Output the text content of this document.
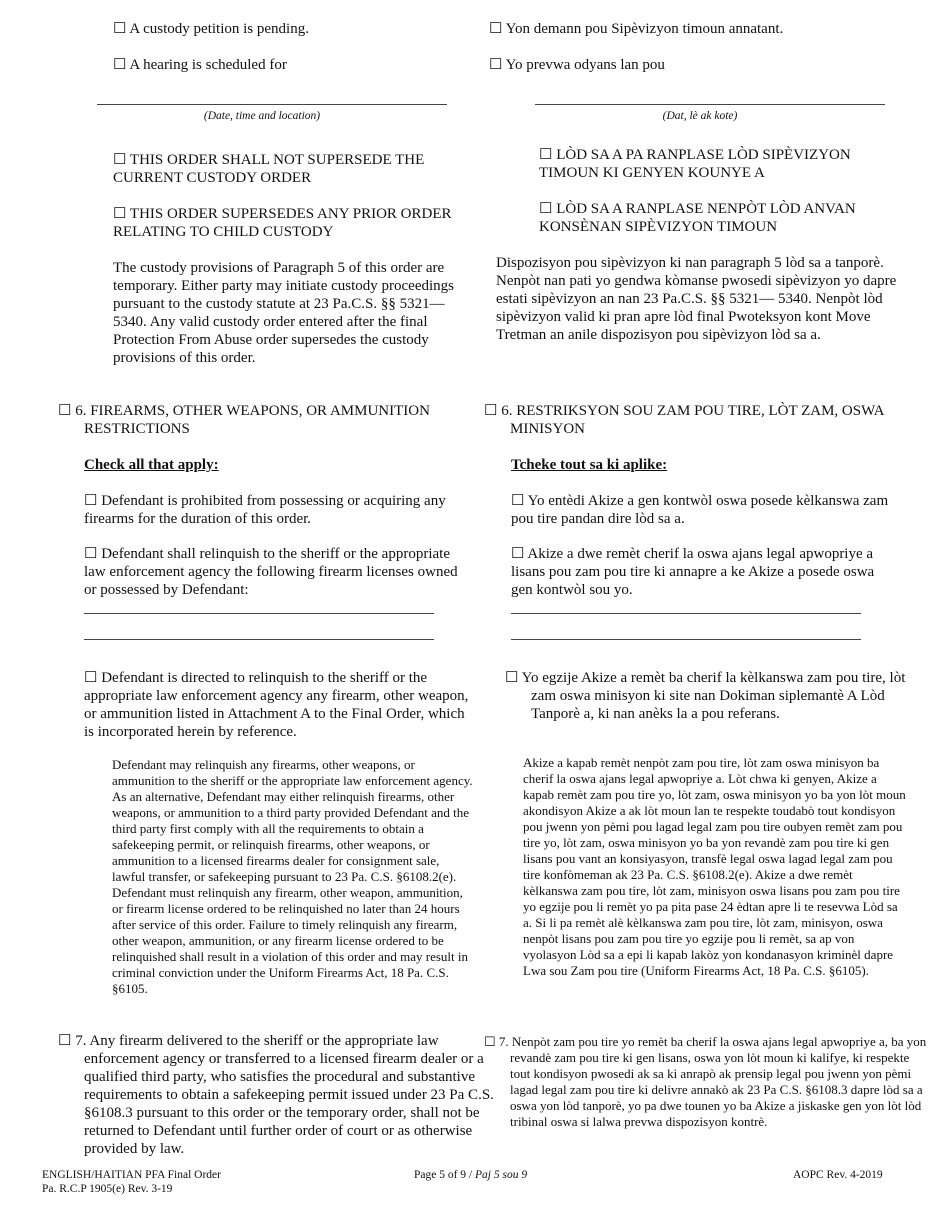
☐ A custody petition is pending.
☐ A hearing is scheduled for
(Date, time and location)
☐ THIS ORDER SHALL NOT SUPERSEDE THE CURRENT CUSTODY ORDER
☐ THIS ORDER SUPERSEDES ANY PRIOR ORDER RELATING TO CHILD CUSTODY
The custody provisions of Paragraph 5 of this order are temporary. Either party may initiate custody proceedings pursuant to the custody statute at 23 Pa.C.S. §§ 5321—5340. Any valid custody order entered after the final Protection From Abuse order supersedes the custody provisions of this order.
☐ 6. FIREARMS, OTHER WEAPONS, OR AMMUNITION RESTRICTIONS
Check all that apply:
☐ Defendant is prohibited from possessing or acquiring any firearms for the duration of this order.
☐ Defendant shall relinquish to the sheriff or the appropriate law enforcement agency the following firearm licenses owned or possessed by Defendant:
☐ Defendant is directed to relinquish to the sheriff or the appropriate law enforcement agency any firearm, other weapon, or ammunition listed in Attachment A to the Final Order, which is incorporated herein by reference.
Defendant may relinquish any firearms, other weapons, or ammunition to the sheriff or the appropriate law enforcement agency. As an alternative, Defendant may either relinquish firearms, other weapons, or ammunition to a third party provided Defendant and the third party first comply with all the requirements to obtain a safekeeping permit, or relinquish firearms, other weapons, or ammunition to a licensed firearms dealer for consignment sale, lawful transfer, or safekeeping pursuant to 23 Pa. C.S. §6108.2(e). Defendant must relinquish any firearm, other weapon, ammunition, or firearm license ordered to be relinquished no later than 24 hours after service of this order. Failure to timely relinquish any firearm, other weapon, ammunition, or any firearm license ordered to be relinquished shall result in a violation of this order and may result in criminal conviction under the Uniform Firearms Act, 18 Pa. C.S. §6105.
☐ 7. Any firearm delivered to the sheriff or the appropriate law enforcement agency or transferred to a licensed firearm dealer or a qualified third party, who satisfies the procedural and substantive requirements to obtain a safekeeping permit issued under 23 Pa C.S. §6108.3 pursuant to this order or the temporary order, shall not be returned to Defendant until further order of court or as otherwise provided by law.
☐ Yon demann pou Sipèvizyon timoun annatant.
☐ Yo prevwa odyans lan pou
(Dat, lè ak kote)
☐ LÒD SA A PA RANPLASE LÒD SIPÈVIZYON TIMOUN KI GENYEN KOUNYE A
☐ LÒD SA A RANPLASE NENPÒT LÒD ANVAN KONSÈNAN SIPÈVIZYON TIMOUN
Dispozisyon pou sipèvizyon ki nan paragraph 5 lòd sa a tanporè. Nenpòt nan pati yo gendwa kòmanse pwosedi sipèvizyon yo dapre estati sipèvizyon an nan 23 Pa.C.S. §§ 5321— 5340. Nenpòt lòd sipèvizyon valid ki pran apre lòd final Pwoteksyon kont Move Tretman an anile dispozisyon pou sipèvizyon lòd sa a.
☐ 6. RESTRIKSYON SOU ZAM POU TIRE, LÒT ZAM, OSWA MINISYON
Tcheke tout sa ki aplike:
☐ Yo entèdi Akize a gen kontwòl oswa posede kèlkanswa zam pou tire pandan dire lòd sa a.
☐ Akize a dwe remèt cherif la oswa ajans legal apwopriye a lisans pou zam pou tire ki annapre a ke Akize a posede oswa gen kontwòl sou yo.
☐ Yo egzije Akize a remèt ba cherif la kèlkanswa zam pou tire, lòt zam oswa minisyon ki site nan Dokiman siplemantè A Lòd Tanporè a, ki nan anèks la a pou referans.
Akize a kapab remèt nenpòt zam pou tire, lòt zam oswa minisyon ba cherif la oswa ajans legal apwopriye a. Lòt chwa ki genyen, Akize a kapab remèt zam pou tire yo, lòt zam, oswa minisyon yo ba yon lòt moun akondisyon Akize a ak lòt moun lan te respekte toudabò tout kondisyon pou jwenn yon pèmi pou lagad legal zam pou tire oubyen remèt zam pou tire yo, lòt zam, oswa minisyon yo ba yon revandè zam pou tire ki gen lisans pou vant an konsiyasyon, transfè legal oswa lagad legal zam pou tire konfòmeman ak 23 Pa. C.S. §6108.2(e). Akize a dwe remèt kèlkanswa zam pou tire, lòt zam, minisyon oswa lisans pou zam pou tire yo egzije pou li remèt yo pa pita pase 24 èdtan apre li te resevwa Lòd sa a. Si li pa remèt alè kèlkanswa zam pou tire, lòt zam, minisyon, oswa nenpòt lisans pou zam pou tire yo egzije pou li remèt, sa ap von vyolasyon Lòd sa a epi li kapab lakòz yon kondanasyon kriminèl dapre Lwa sou Zam pou tire (Uniform Firearms Act, 18 Pa. C.S. §6105).
☐ 7. Nenpòt zam pou tire yo remèt ba cherif la oswa ajans legal apwopriye a, ba yon revandè zam pou tire ki gen lisans, oswa yon lòt moun ki kalifye, ki respekte tout kondisyon pwosedi ak sa ki anrapò ak prensip legal pou jwenn yon pèmi lagad legal zam pou tire ki delivre annakò ak 23 Pa C.S. §6108.3 dapre lòd sa a oswa yon lòd tanporè, yo pa dwe tounen yo ba Akize a jiskaske gen yon lòt lòd tribinal oswa si lalwa prevwa dispozisyon kontrè.
ENGLISH/HAITIAN PFA Final Order
Pa. R.C.P 1905(e) Rev. 3-19
Page 5 of 9 / Paj 5 sou 9	AOPC Rev. 4-2019
